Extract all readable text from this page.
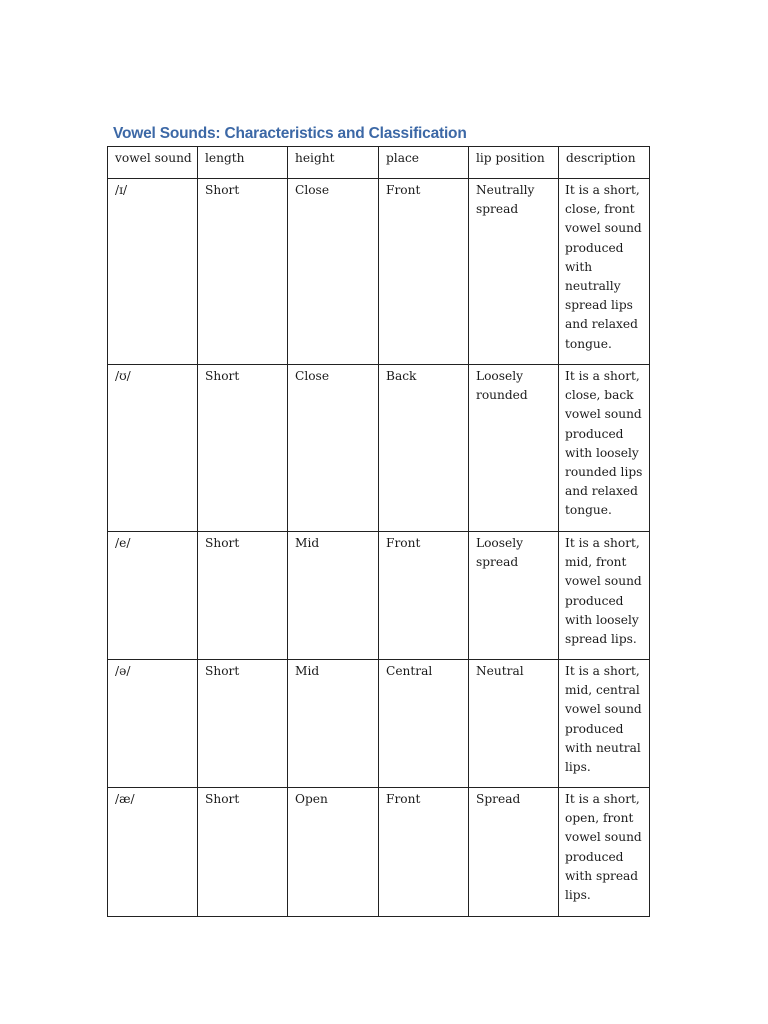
Vowel Sounds: Characteristics and Classification
vowel sound	length	height	place	lip position	description
/ɪ/	Short	Close	Front	Neutrally spread	It is a short, close, front vowel sound produced with neutrally spread lips and relaxed tongue.
/ʊ/	Short	Close	Back	Loosely rounded	It is a short, close, back vowel sound produced with loosely rounded lips and relaxed tongue.
/e/	Short	Mid	Front	Loosely spread	It is a short, mid, front vowel sound produced with loosely spread lips.
/ə/	Short	Mid	Central	Neutral	It is a short, mid, central vowel sound produced with neutral lips.
/æ/	Short	Open	Front	Spread	It is a short, open, front vowel sound produced with spread lips.
